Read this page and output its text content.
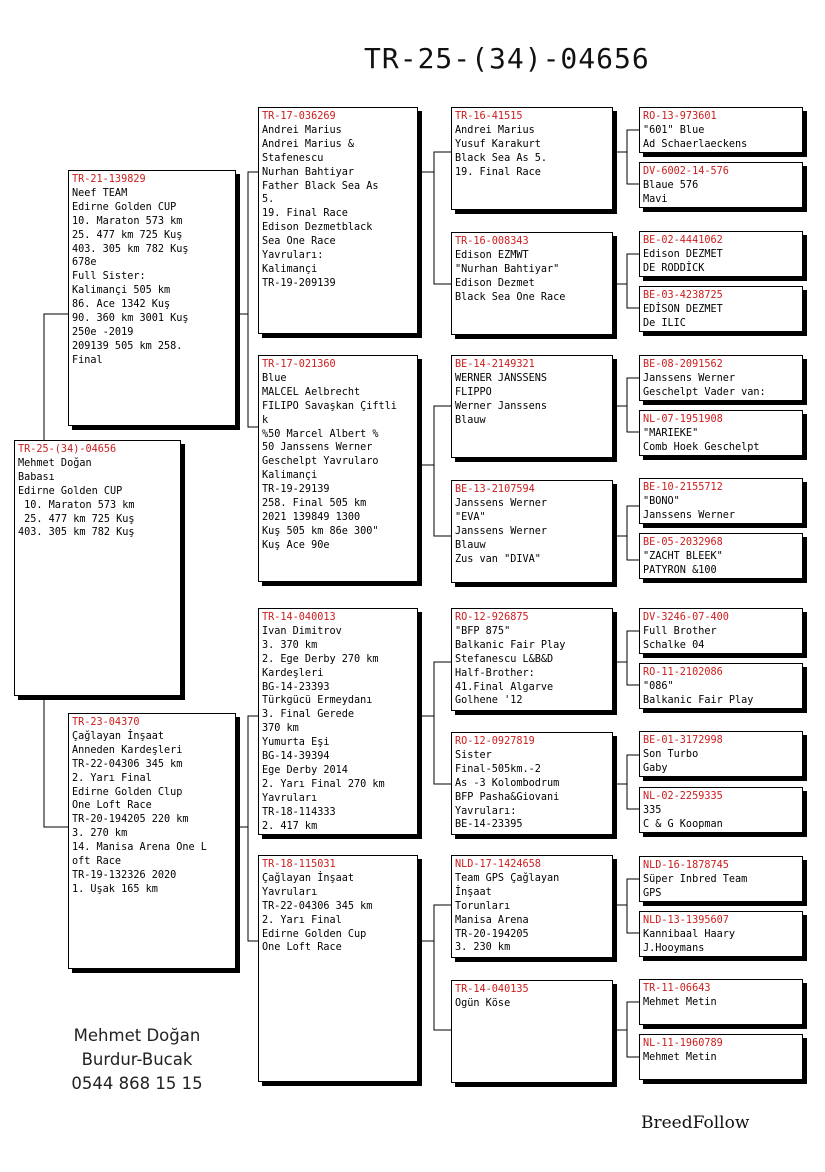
TR-25-(34)-04656
TR-25-(34)-04656
Mehmet Doğan
Babası
Edirne Golden CUP
10. Maraton 573 km
25. 477 km 725 Kuş
403. 305 km 782 Kuş
TR-21-139829
Neef TEAM
Edirne Golden CUP
10. Maraton 573 km
25. 477 km 725 Kuş
403. 305 km 782 Kuş
678e
Full Sister:
Kalimançi 505 km
86. Ace 1342 Kuş
90. 360 km 3001 Kuş
250e -2019
209139 505 km 258.
Final
TR-23-04370
Çağlayan İnşaat
Anneden Kardeşleri
TR-22-04306 345 km
2. Yarı Final
Edirne Golden Clup
One Loft Race
TR-20-194205 220 km
3. 270 km
14. Manisa Arena One L
oft Race
TR-19-132326 2020
1. Uşak 165 km
TR-17-036269
Andrei Marius
Andrei Marius &
Stafenescu
Nurhan Bahtiyar
Father Black Sea As
5.
19. Final Race
Edison Dezmetblack
Sea One Race
Yavruları:
Kalimançi
TR-19-209139
TR-17-021360
Blue
MALCEL Aelbrecht
FILIPO Savaşkan Çiftli
k
%50 Marcel Albert %
50 Janssens Werner
Geschelpt Yavrularo
Kalimançi
TR-19-29139
258. Final 505 km
2021 139849 1300
Kuş 505 km 86e 300"
Kuş Ace 90e
TR-14-040013
Ivan Dimitrov
3. 370 km
2. Ege Derby 270 km
Kardeşleri
BG-14-23393
Türkgücü Ermeydanı
3. Final Gerede
370 km
Yumurta Eşi
BG-14-39394
Ege Derby 2014
2. Yarı Final 270 km
Yavruları
TR-18-114333
2. 417 km
TR-18-115031
Çağlayan İnşaat
Yavruları
TR-22-04306 345 km
2. Yarı Final
Edirne Golden Cup
One Loft Race
TR-16-41515
Andrei Marius
Yusuf Karakurt
Black Sea As 5.
19. Final Race
TR-16-008343
Edison EZMWT
"Nurhan Bahtiyar"
Edison Dezmet
Black Sea One Race
BE-14-2149321
WERNER JANSSENS
FLIPPO
Werner Janssens
Blauw
BE-13-2107594
Janssens Werner
"EVA"
Janssens Werner
Blauw
Zus van "DIVA"
RO-12-926875
"BFP 875"
Balkanic Fair Play
Stefanescu L&B&D
Half-Brother:
41.Final Algarve
Golhene '12
RO-12-0927819
Sister
Final-505km.-2
As -3 Kolombodrum
BFP Pasha&Giovani
Yavruları:
BE-14-23395
NLD-17-1424658
Team GPS Çağlayan
İnşaat
Torunları
Manisa Arena
TR-20-194205
3. 230 km
TR-14-040135
Ogün Köse
RO-13-973601
"601" Blue
Ad Schaerlaeckens
DV-6002-14-576
Blaue 576
Mavi
BE-02-4441062
Edison DEZMET
DE RODDİCK
BE-03-4238725
EDİSON DEZMET
De ILIC
BE-08-2091562
Janssens Werner
Geschelpt Vader van:
NL-07-1951908
"MARIEKE"
Comb Hoek Geschelpt
BE-10-2155712
"BONO"
Janssens Werner
BE-05-2032968
"ZACHT BLEEK"
PATYRON &100
DV-3246-07-400
Full Brother
Schalke 04
RO-11-2102086
"086"
Balkanic Fair Play
BE-01-3172998
Son Turbo
Gaby
NL-02-2259335
335
C & G Koopman
NLD-16-1878745
Süper Inbred Team
GPS
NLD-13-1395607
Kannibaal Haary
J.Hooymans
TR-11-06643
Mehmet Metin
NL-11-1960789
Mehmet Metin
Mehmet Doğan
Burdur-Bucak
0544 868 15 15
BreedFollow
